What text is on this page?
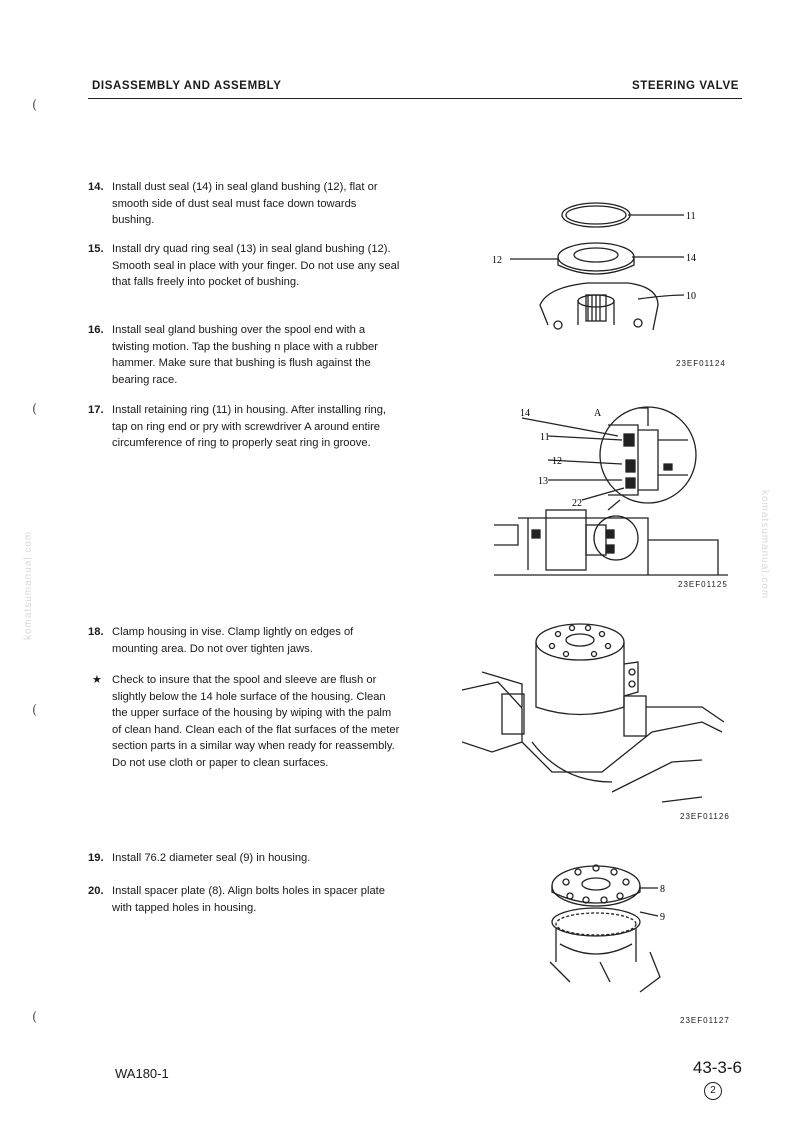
DISASSEMBLY AND ASSEMBLY	STEERING VALVE
(
(
(
(
komatsumanual.com	komatsumanual.com
14. Install dust seal (14) in seal gland bushing (12), flat or smooth side of dust seal must face down towards bushing.
15. Install dry quad ring seal (13) in seal gland bushing (12).
Smooth seal in place with your finger. Do not use any seal that falls freely into pocket of bushing.
16. Install seal gland bushing over the spool end with a twisting motion. Tap the bushing n place with a rubber hammer. Make sure that bushing is flush against the bearing race.
17. Install retaining ring (11) in housing. After installing ring, tap on ring end or pry with screwdriver A around entire circumference of ring to properly seat ring in groove.
18. Clamp housing in vise. Clamp lightly on edges of mounting area. Do not over tighten jaws.
★ Check to insure that the spool and sleeve are flush or slightly below the 14 hole surface of the housing. Clean the upper surface of the housing by wiping with the palm of clean hand. Clean each of the flat surfaces of the meter section parts in a similar way when ready for reassembly. Do not use cloth or paper to clean surfaces.
19. Install 76.2 diameter seal (9) in housing.
20. Install spacer plate (8). Align bolts holes in spacer plate with tapped holes in housing.
11
12	14
10
23EF01124
14	A
11
12
13
22
23EF01125
23EF01126
8
9
23EF01127
WA180-1	43-3-6
2
